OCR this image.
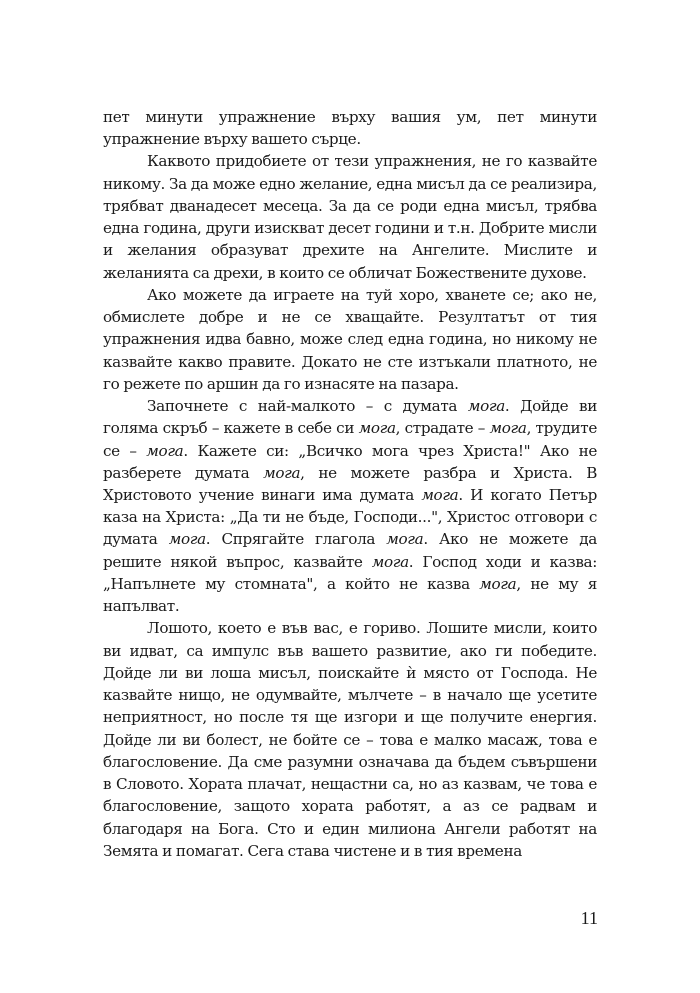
пет минути упражнение върху вашия ум, пет минути упражнение върху вашето сърце.

Каквото придобиете от тези упражнения, не го казвайте никому. За да може едно желание, една мисъл да се реализира, трябват дванадесет месеца. За да се роди една мисъл, трябва една година, други изискват десет години и т.н. Добрите мисли и желания образуват дрехите на Ангелите. Мислите и желанията са дрехи, в които се обличат Божествените духове.

Ако можете да играете на туй хоро, хванете се; ако не, обмислете добре и не се хващайте. Резултатът от тия упражнения идва бавно, може след една година, но никому не казвайте какво правите. Докато не сте изтъкали платното, не го режете по аршин да го изнасяте на пазара.

Започнете с най-малкото – с думата мога. Дойде ви голяма скръб – кажете в себе си мога, страдате – мога, трудите се – мога. Кажете си: „Всичко мога чрез Христа!" Ако не разберете думата мога, не можете разбра и Христа. В Христовото учение винаги има думата мога. И когато Петър каза на Христа: „Да ти не бъде, Господи...", Христос отговори с думата мога. Спрягайте глагола мога. Ако не можете да решите някой въпрос, казвайте мога. Господ ходи и казва: „Напълнете му стомната", а който не казва мога, не му я напълват.

Лошото, което е във вас, е гориво. Лошите мисли, които ви идват, са импулс във вашето развитие, ако ги победите. Дойде ли ви лоша мисъл, поискайте ѝ място от Господа. Не казвайте нищо, не одумвайте, мълчете – в начало ще усетите неприятност, но после тя ще изгори и ще получите енергия. Дойде ли ви болест, не бойте се – това е малко масаж, това е благословение. Да сме разумни означава да бъдем съвършени в Словото. Хората плачат, нещастни са, но аз казвам, че това е благословение, защото хората работят, а аз се радвам и благодаря на Бога. Сто и един милиона Ангели работят на Земята и помагат. Сега става чистене и в тия времена

11
